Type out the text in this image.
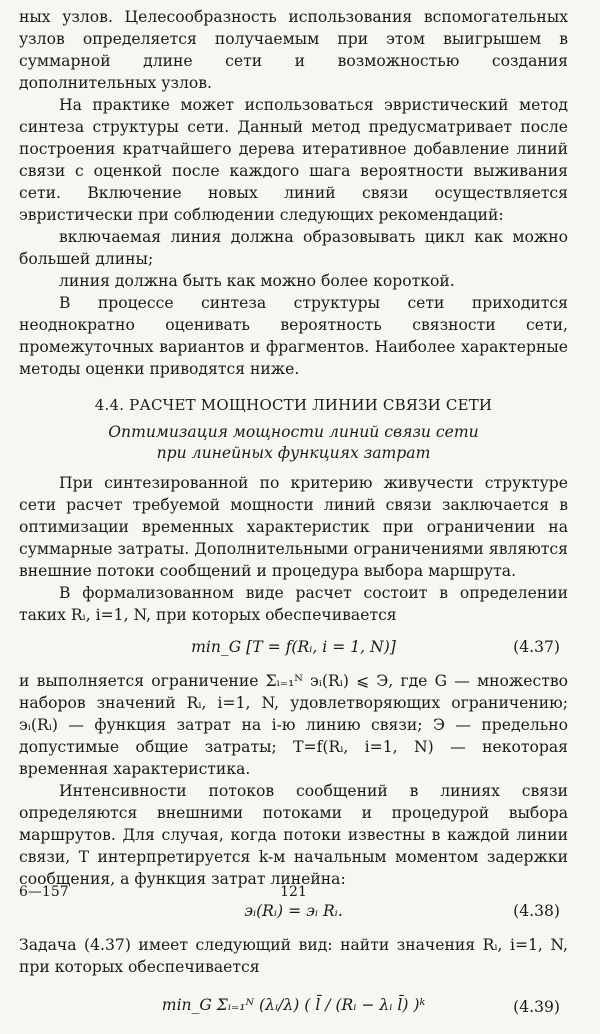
ных узлов. Целесообразность использования вспомогательных узлов определяется получаемым при этом выигрышем в суммарной длине сети и возможностью создания дополнительных узлов.

На практике может использоваться эвристический метод синтеза структуры сети. Данный метод предусматривает после построения кратчайшего дерева итеративное добавление линий связи с оценкой после каждого шага вероятности выживания сети. Включение новых линий связи осуществляется эвристически при соблюдении следующих рекомендаций:

включаемая линия должна образовывать цикл как можно большей длины;

линия должна быть как можно более короткой.

В процессе синтеза структуры сети приходится неоднократно оценивать вероятность связности сети, промежуточных вариантов и фрагментов. Наиболее характерные методы оценки приводятся ниже.

4.4. РАСЧЕТ МОЩНОСТИ ЛИНИИ СВЯЗИ СЕТИ
Оптимизация мощности линий связи сети
при линейных функциях затрат

При синтезированной по критерию живучести структуре сети расчет требуемой мощности линий связи заключается в оптимизации временных характеристик при ограничении на суммарные затраты. Дополнительными ограничениями являются внешние потоки сообщений и процедура выбора маршрута.

В формализованном виде расчет состоит в определении таких Rᵢ, i=1, N, при которых обеспечивается

min_G [T = f(Rᵢ, i = 1, N)]	(4.37)

и выполняется ограничение Σᵢ₌₁ᴺ эᵢ(Rᵢ) ⩽ Э, где G — множество наборов значений Rᵢ, i=1, N, удовлетворяющих ограничению; эᵢ(Rᵢ) — функция затрат на i-ю линию связи; Э — предельно допустимые общие затраты; T=f(Rᵢ, i=1, N) — некоторая временная характеристика.

Интенсивности потоков сообщений в линиях связи определяются внешними потоками и процедурой выбора маршрутов. Для случая, когда потоки известны в каждой линии связи, T интерпретируется k-м начальным моментом задержки сообщения, а функция затрат линейна:

эᵢ(Rᵢ) = эᵢ Rᵢ.	(4.38)

Задача (4.37) имеет следующий вид: найти значения Rᵢ, i=1, N, при которых обеспечивается

min_G Σᵢ₌₁ᴺ (λᵢ/λ) ( l̄ / (Rᵢ − λᵢ l̄) )ᵏ	(4.39)
6—157	121
